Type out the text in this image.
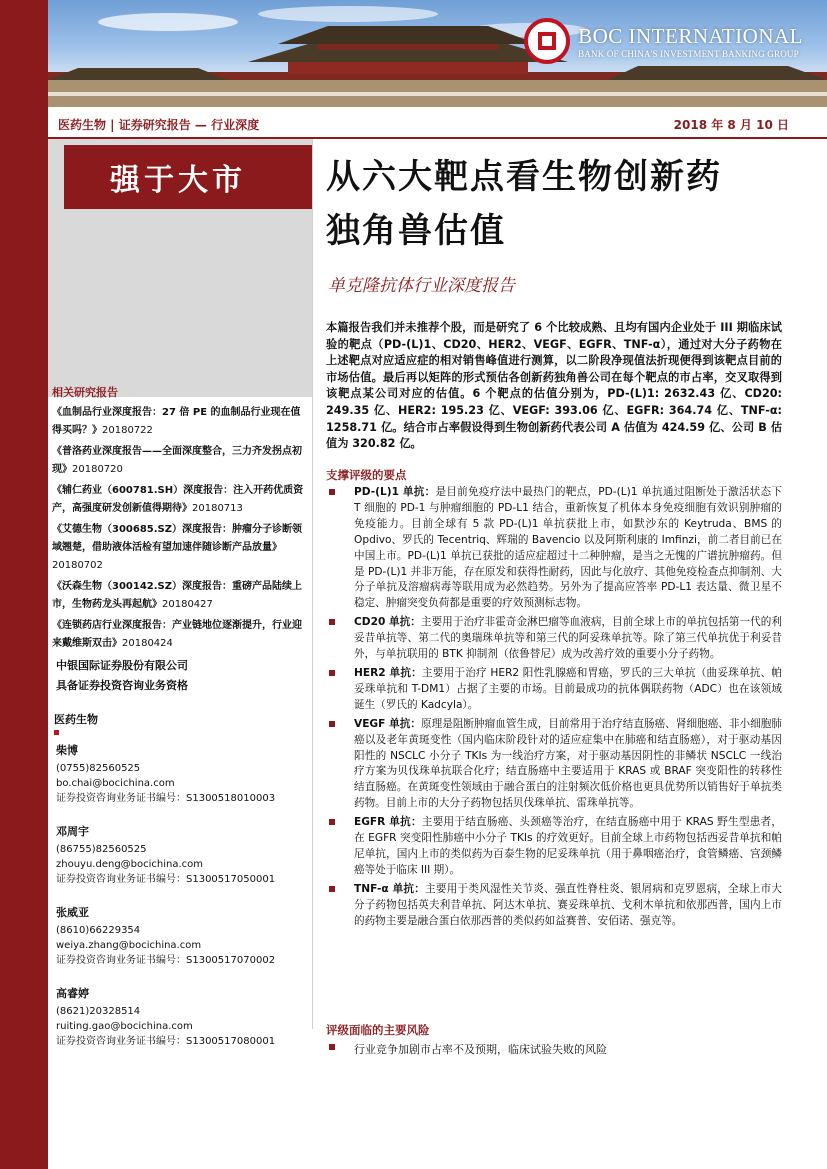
BOC INTERNATIONAL
BANK OF CHINA'S INVESTMENT BANKING GROUP
医药生物 | 证券研究报告 — 行业深度	2018 年 8 月 10 日
强于大市
相关研究报告
《血制品行业深度报告：27 倍 PE 的血制品行业现在值得买吗？》20180722
《普洛药业深度报告——全面深度整合，三力齐发拐点初现》20180720
《辅仁药业（600781.SH）深度报告：注入开药优质资产，高强度研发创新值得期待》20180713
《艾德生物（300685.SZ）深度报告：肿瘤分子诊断领域翘楚，借助液体活检有望加速伴随诊断产品放量》20180702
《沃森生物（300142.SZ）深度报告：重磅产品陆续上市，生物药龙头再起航》20180427
《连锁药店行业深度报告：产业链地位逐渐提升，行业迎来戴维斯双击》20180424
中银国际证券股份有限公司
具备证券投资咨询业务资格
医药生物
柴博
(0755)82560525
bo.chai@bocichina.com
证券投资咨询业务证书编号：S1300518010003
邓周宇
(86755)82560525
zhouyu.deng@bocichina.com
证券投资咨询业务证书编号：S1300517050001
张威亚
(8610)66229354
weiya.zhang@bocichina.com
证券投资咨询业务证书编号：S1300517070002
高睿婷
(8621)20328514
ruiting.gao@bocichina.com
证券投资咨询业务证书编号：S1300517080001
从六大靶点看生物创新药
独角兽估值
单克隆抗体行业深度报告
本篇报告我们并未推荐个股，而是研究了 6 个比较成熟、且均有国内企业处于 III 期临床试验的靶点（PD-(L)1、CD20、HER2、VEGF、EGFR、TNF-α），通过对大分子药物在上述靶点对应适应症的相对销售峰值进行测算，以二阶段净现值法折现便得到该靶点目前的市场估值。最后再以矩阵的形式预估各创新药独角兽公司在每个靶点的市占率，交叉取得到该靶点某公司对应的估值。6 个靶点的估值分别为，PD-(L)1: 2632.43 亿、CD20: 249.35 亿、HER2: 195.23 亿、VEGF: 393.06 亿、EGFR: 364.74 亿、TNF-α: 1258.71 亿。结合市占率假设得到生物创新药代表公司 A 估值为 424.59 亿、公司 B 估值为 320.82 亿。
支撑评级的要点
PD-(L)1 单抗：是目前免疫疗法中最热门的靶点，PD-(L)1 单抗通过阻断处于激活状态下 T 细胞的 PD-1 与肿瘤细胞的 PD-L1 结合，重新恢复了机体本身免疫细胞有效识别肿瘤的免疫能力。目前全球有 5 款 PD-(L)1 单抗获批上市，如默沙东的 Keytruda、BMS 的 Opdivo、罗氏的 Tecentriq、辉瑞的 Bavencio 以及阿斯利康的 Imfinzi，前二者目前已在中国上市。PD-(L)1 单抗已获批的适应症超过十二种肿瘤，是当之无愧的广谱抗肿瘤药。但是 PD-(L)1 并非万能，存在原发和获得性耐药，因此与化放疗、其他免疫检查点抑制剂、大分子单抗及溶瘤病毒等联用成为必然趋势。另外为了提高应答率 PD-L1 表达量、微卫星不稳定、肿瘤突变负荷都是重要的疗效预测标志物。
CD20 单抗：主要用于治疗非霍奇金淋巴瘤等血液病，目前全球上市的单抗包括第一代的利妥昔单抗等、第二代的奥瑞珠单抗等和第三代的阿妥珠单抗等。除了第三代单抗优于利妥昔外，与单抗联用的 BTK 抑制剂（依鲁替尼）成为改善疗效的重要小分子药物。
HER2 单抗：主要用于治疗 HER2 阳性乳腺癌和胃癌，罗氏的三大单抗（曲妥珠单抗、帕妥珠单抗和 T-DM1）占据了主要的市场。目前最成功的抗体偶联药物（ADC）也在该领域诞生（罗氏的 Kadcyla）。
VEGF 单抗：原理是阻断肿瘤血管生成，目前常用于治疗结直肠癌、肾细胞癌、非小细胞肺癌以及老年黄斑变性（国内临床阶段针对的适应症集中在肺癌和结直肠癌），对于驱动基因阳性的 NSCLC 小分子 TKIs 为一线治疗方案，对于驱动基因阴性的非鳞状 NSCLC 一线治疗方案为贝伐珠单抗联合化疗；结直肠癌中主要适用于 KRAS 或 BRAF 突变阳性的转移性结直肠癌。在黄斑变性领域由于融合蛋白的注射频次低价格也更具优势所以销售好于单抗类药物。目前上市的大分子药物包括贝伐珠单抗、雷珠单抗等。
EGFR 单抗：主要用于结直肠癌、头颈癌等治疗，在结直肠癌中用于 KRAS 野生型患者，在 EGFR 突变阳性肺癌中小分子 TKIs 的疗效更好。目前全球上市药物包括西妥昔单抗和帕尼单抗，国内上市的类似药为百泰生物的尼妥珠单抗（用于鼻咽癌治疗，食管鳞癌、宫颈鳞癌等处于临床 III 期）。
TNF-α 单抗：主要用于类风湿性关节炎、强直性脊柱炎、银屑病和克罗恩病，全球上市大分子药物包括英夫利昔单抗、阿达木单抗、赛妥珠单抗、戈利木单抗和依那西普，国内上市的药物主要是融合蛋白依那西普的类似药如益赛普、安佰诺、强克等。
评级面临的主要风险
行业竞争加剧市占率不及预期，临床试验失败的风险
